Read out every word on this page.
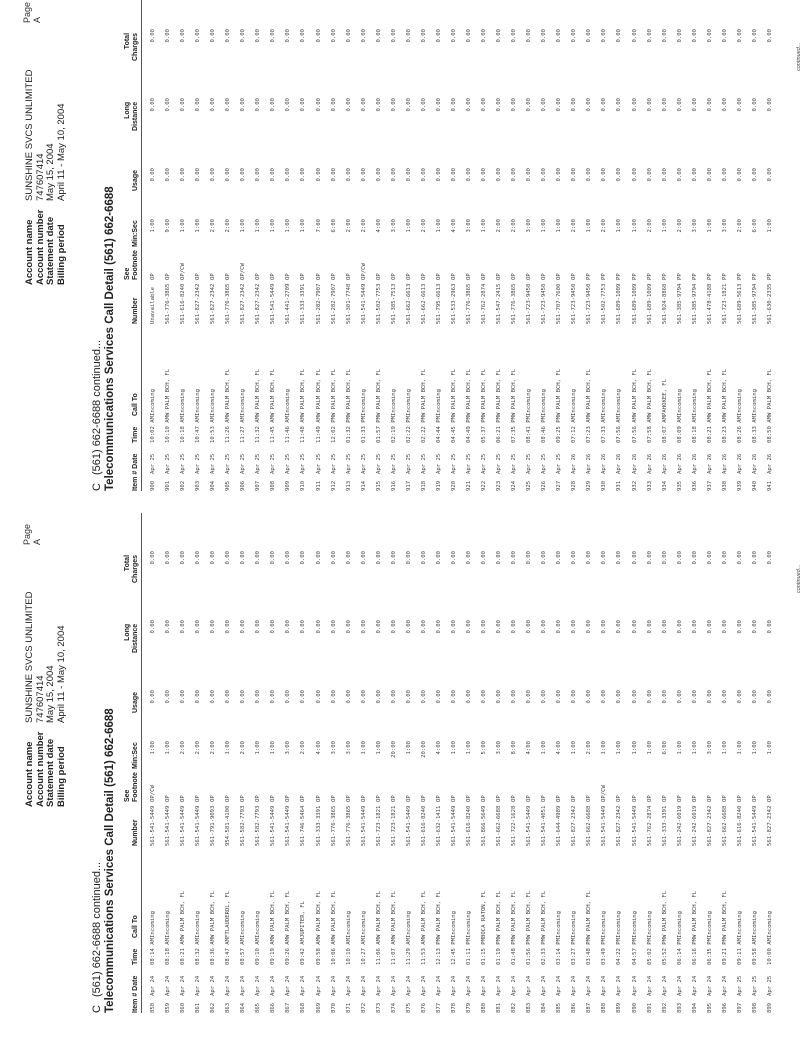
Page A
Account name
SUNSHINE SVCS UNLIMITED
Account number
747607414
Statement date
May 15, 2004
Billing period
April 11 - May 10, 2004
C(561) 662-6688 continued... Telecommunications Services Call Detail (561) 662-6688 Item # Date
Time
Call To
Number
See
Footnote
Min:Sec
Usage
Long
Distance
Total
Charges
858
Apr 24
08:14 AM
Incoming
561-541-5449
OP/CW
1:00
0.00
0.00
0.00
859
Apr 24
08:18 AM
Incoming
561-541-5449
OP
1:00
0.00
0.00
0.00
860
Apr 24
08:21 AM
W PALM BCH, FL
561-541-5449
OP
2:00
0.00
0.00
0.00
861
Apr 24
08:32 AM
Incoming
561-541-5449
OP
2:00
0.00
0.00
0.00
862
Apr 24
08:36 AM
W PALM BCH, FL
561-791-9093
OP
2:00
0.00
0.00
0.00
863
Apr 24
08:47 AM
FTLAUDERDL, FL
954-581-4100
OP
1:00
0.00
0.00
0.00
864
Apr 24
08:57 AM
Incoming
561-582-7793
OP
2:00
0.00
0.00
0.00
865
Apr 24
09:10 AM
Incoming
561-582-7793
OP
1:00
0.00
0.00
0.00
866
Apr 24
09:19 AM
W PALM BCH, FL
561-541-5449
OP
1:00
0.00
0.00
0.00
867
Apr 24
09:26 AM
W PALM BCH, FL
561-541-5449
OP
3:00
0.00
0.00
0.00
868
Apr 24
09:42 AM
JUPITER, FL
561-746-5464
OP
2:00
0.00
0.00
0.00
869
Apr 24
09:58 AM
W PALM BCH, FL
561-333-3391
OP
4:00
0.00
0.00
0.00
870
Apr 24
10:06 AM
W PALM BCH, FL
561-776-3865
OP
3:00
0.00
0.00
0.00
871
Apr 24
10:10 AM
Incoming
561-776-3865
OP
3:00
0.00
0.00
0.00
872
Apr 24
10:27 AM
Incoming
561-541-5449
OP
1:00
0.00
0.00
0.00
873
Apr 24
11:06 AM
W PALM BCH, FL
561-723-1821
OP
1:00
0.00
0.00
0.00
874
Apr 24
11:07 AM
W PALM BCH, FL
561-723-1821
OP
20:00
0.00
0.00
0.00
875
Apr 24
11:29 AM
Incoming
561-541-5449
OP
1:00
0.00
0.00
0.00
876
Apr 24
11:53 AM
W PALM BCH, FL
561-616-8240
OP
20:00
0.00
0.00
0.00
877
Apr 24
12:13 PM
W PALM BCH, FL
561-632-1411
OP
4:00
0.00
0.00
0.00
878
Apr 24
12:45 PM
Incoming
561-541-5449
OP
1:00
0.00
0.00
0.00
879
Apr 24
01:11 PM
Incoming
561-616-8240
OP
1:00
0.00
0.00
0.00
880
Apr 24
01:15 PM
BOCA RATON, FL
561-866-5649
OP
5:00
0.00
0.00
0.00
881
Apr 24
01:19 PM
W PALM BCH, FL
561-662-6688
OP
3:00
0.00
0.00
0.00
882
Apr 24
01:48 PM
W PALM BCH, FL
561-722-1628
OP
8:00
0.00
0.00
0.00
883
Apr 24
01:56 PM
W PALM BCH, FL
561-541-5449
OP
4:00
0.00
0.00
0.00
884
Apr 24
02:33 PM
W PALM BCH, FL
561-541-4051
OP
1:00
0.00
0.00
0.00
885
Apr 24
03:14 PM
Incoming
561-644-4989
OP
4:00
0.00
0.00
0.00
886
Apr 24
03:27 PM
Incoming
561-827-2342
OP
1:00
0.00
0.00
0.00
887
Apr 24
03:48 PM
W PALM BCH, FL
561-662-6688
OP
2:00
0.00
0.00
0.00
888
Apr 24
03:49 PM
Incoming
561-541-5449
OP/CW
1:00
0.00
0.00
0.00
889
Apr 24
04:22 PM
Incoming
561-827-2342
OP
1:00
0.00
0.00
0.00
890
Apr 24
04:57 PM
Incoming
561-541-5449
OP
1:00
0.00
0.00
0.00
891
Apr 24
05:02 PM
Incoming
561-762-2874
OP
1:00
0.00
0.00
0.00
892
Apr 24
05:52 PM
W PALM BCH, FL
561-333-3391
OP
6:00
0.00
0.00
0.00
893
Apr 24
06:14 PM
Incoming
561-242-6019
OP
1:00
0.00
0.00
0.00
894
Apr 24
06:16 PM
W PALM BCH, FL
561-242-6019
OP
1:00
0.00
0.00
0.00
895
Apr 24
06:35 PM
Incoming
561-827-2342
OP
3:00
0.00
0.00
0.00
896
Apr 24
09:21 PM
W PALM BCH, FL
561-662-6688
OP
1:00
0.00
0.00
0.00
897
Apr 25
09:11 AM
Incoming
561-616-8240
OP
1:00
0.00
0.00
0.00
898
Apr 25
09:58 AM
Incoming
561-541-5449
OP
1:00
0.00
0.00
0.00
899
Apr 25
10:00 AM
Incoming
561-827-2342
OP
1:00
0.00
0.00
0.00
continued...
Page A
Account name
SUNSHINE SVCS UNLIMITED
Account number
747607414
Statement date
May 15, 2004
Billing period
April 11 - May 10, 2004
C(561) 662-6688 continued... Telecommunications Services Call Detail (561) 662-6688 Item # Date
Time
Call To
Number
See
Footnote
Min:Sec
Usage
Long
Distance
Total
Charges
900
Apr 25
10:02 AM
Incoming
Unavailable
OP
1:00
0.00
0.00
0.00
901
Apr 25
10:10 AM
W PALM BCH, FL
561-776-3865
OP
9:00
0.00
0.00
0.00
902
Apr 25
10:18 AM
Incoming
561-616-8240
OP/CW
1:00
0.00
0.00
0.00
903
Apr 25
10:47 AM
Incoming
561-827-2342
OP
1:00
0.00
0.00
0.00
904
Apr 25
10:53 AM
Incoming
561-827-2342
OP
2:00
0.00
0.00
0.00
905
Apr 25
11:26 AM
W PALM BCH, FL
561-776-3865
OP
2:00
0.00
0.00
0.00
906
Apr 25
11:27 AM
Incoming
561-827-2342
OP/CW
1:00
0.00
0.00
0.00
907
Apr 25
11:32 AM
W PALM BCH, FL
561-827-2342
OP
1:00
0.00
0.00
0.00
908
Apr 25
11:45 AM
W PALM BCH, FL
561-541-5449
OP
1:00
0.00
0.00
0.00
909
Apr 25
11:46 AM
Incoming
561-441-2709
OP
1:00
0.00
0.00
0.00
910
Apr 25
11:48 AM
W PALM BCH, FL
561-333-3391
OP
1:00
0.00
0.00
0.00
911
Apr 25
11:49 AM
W PALM BCH, FL
561-282-7907
OP
7:00
0.00
0.00
0.00
912
Apr 25
12:02 PM
W PALM BCH, FL
561-282-7907
OP
6:00
0.00
0.00
0.00
913
Apr 25
01:32 PM
W PALM BCH, FL
561-301-7748
OP
2:00
0.00
0.00
0.00
914
Apr 25
01:33 PM
Incoming
561-541-5449
OP/CW
2:00
0.00
0.00
0.00
915
Apr 25
01:57 PM
W PALM BCH, FL
561-502-7753
OP
4:00
0.00
0.00
0.00
916
Apr 25
02:19 PM
Incoming
561-385-7513
OP
3:00
0.00
0.00
0.00
917
Apr 25
02:22 PM
Incoming
561-662-6613
OP
1:00
0.00
0.00
0.00
918
Apr 25
02:22 PM
W PALM BCH, FL
561-662-6613
OP
2:00
0.00
0.00
0.00
919
Apr 25
04:44 PM
Incoming
561-795-6613
OP
1:00
0.00
0.00
0.00
920
Apr 25
04:45 PM
W PALM BCH, FL
561-533-2963
OP
4:00
0.00
0.00
0.00
921
Apr 25
04:49 PM
W PALM BCH, FL
561-776-3865
OP
3:00
0.00
0.00
0.00
922
Apr 25
05:37 PM
W PALM BCH, FL
561-762-2874
OP
1:00
0.00
0.00
0.00
923
Apr 25
06:21 PM
W PALM BCH, FL
561-547-2415
OP
2:00
0.00
0.00
0.00
924
Apr 25
07:35 PM
W PALM BCH, FL
561-776-3865
OP
2:00
0.00
0.00
0.00
925
Apr 25
08:41 PM
Incoming
561-723-9450
OP
3:00
0.00
0.00
0.00
926
Apr 25
08:46 PM
Incoming
561-723-9450
OP
1:00
0.00
0.00
0.00
927
Apr 25
09:25 PM
W PALM BCH, FL
561-707-7600
OP
1:00
0.00
0.00
0.00
928
Apr 26
07:12 AM
Incoming
561-723-9450
OP
2:00
0.00
0.00
0.00
929
Apr 26
07:23 AM
W PALM BCH, FL
561-723-9450
PP
1:00
0.00
0.00
0.00
930
Apr 26
07:33 AM
Incoming
561-502-7753
PP
2:00
0.00
0.00
0.00
931
Apr 26
07:56 AM
Incoming
561-689-1009
PP
1:00
0.00
0.00
0.00
932
Apr 26
07:56 AM
W PALM BCH, FL
561-689-1009
PP
1:00
0.00
0.00
0.00
933
Apr 26
07:58 AM
W PALM BCH, FL
561-689-1009
PP
2:00
0.00
0.00
0.00
934
Apr 26
08:07 AM
PAHOKEE, FL
561-924-8860
PP
1:00
0.00
0.00
0.00
935
Apr 26
08:09 AM
Incoming
561-385-9794
PP
2:00
0.00
0.00
0.00
936
Apr 26
08:18 AM
Incoming
561-385-9794
PP
3:00
0.00
0.00
0.00
937
Apr 26
08:21 AM
W PALM BCH, FL
561-478-4188
PP
1:00
0.00
0.00
0.00
938
Apr 26
08:23 AM
W PALM BCH, FL
561-723-1821
PP
3:00
0.00
0.00
0.00
939
Apr 26
08:26 AM
Incoming
561-689-5613
PP
2:00
0.00
0.00
0.00
940
Apr 26
08:33 AM
Incoming
561-385-9794
PP
6:00
0.00
0.00
0.00
941
Apr 26
08:50 AM
W PALM BCH, FL
561-630-2335
PP
1:00
0.00
0.00
0.00
continued...
